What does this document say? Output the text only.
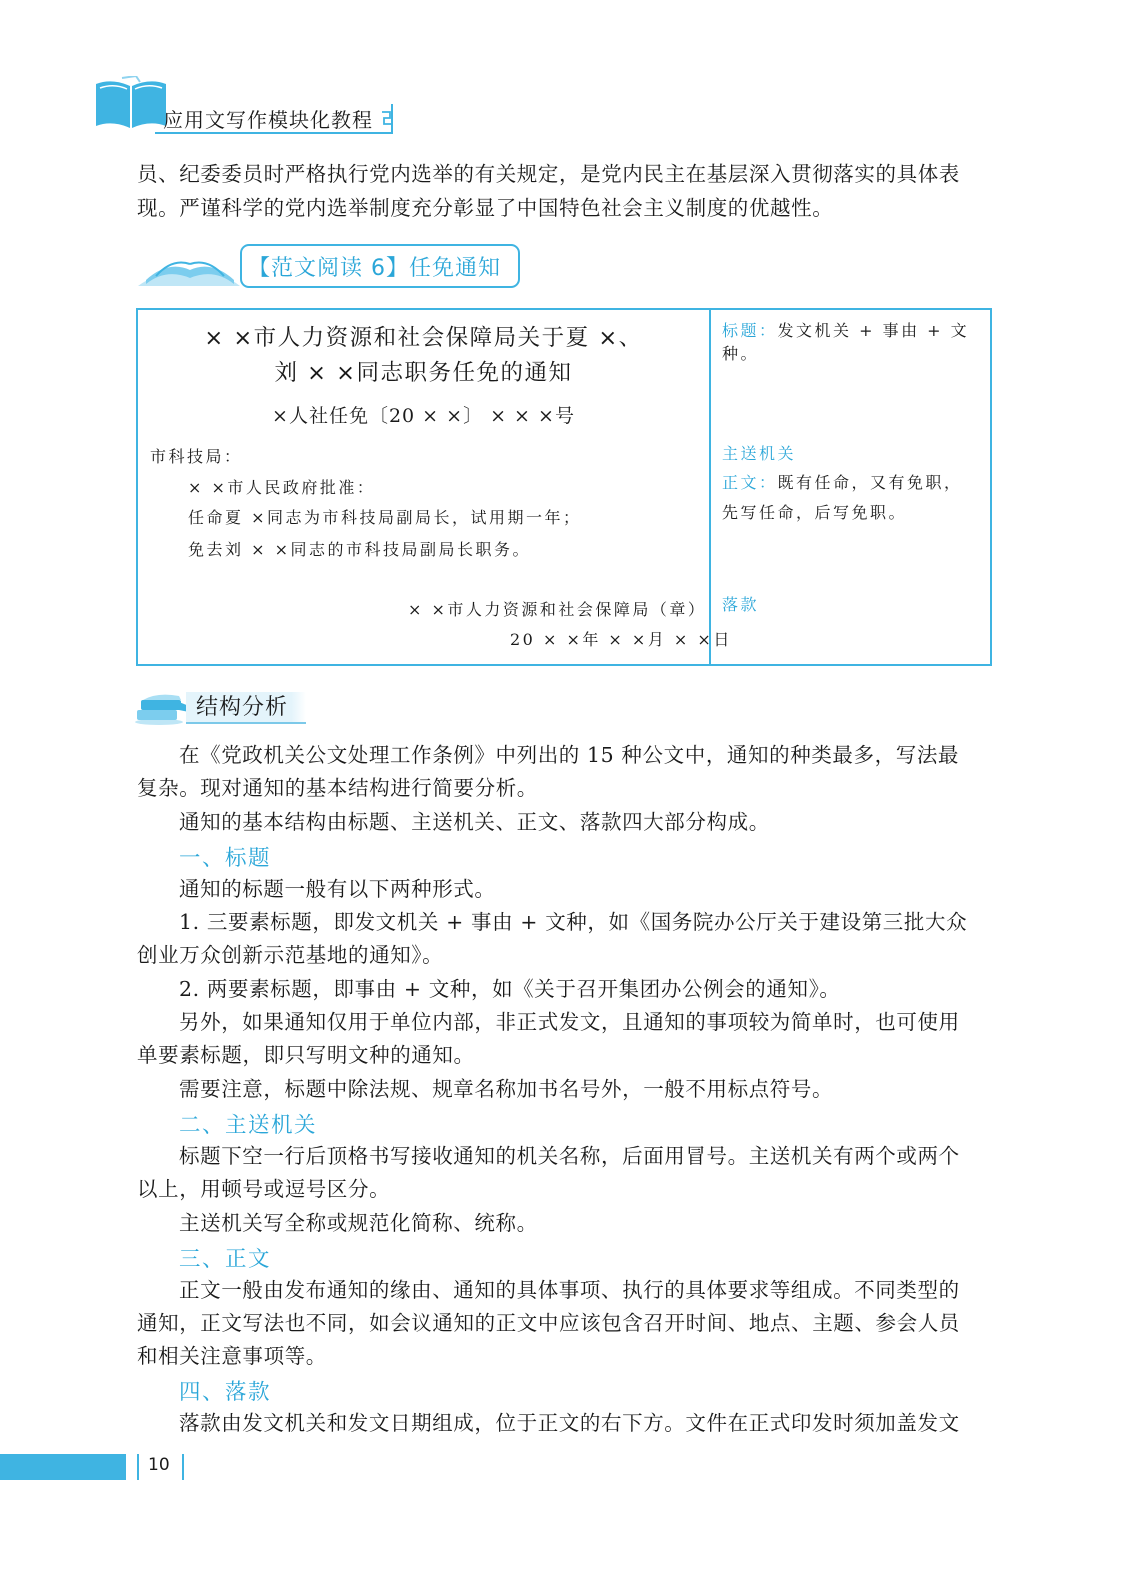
应用文写作模块化教程
员、纪委委员时严格执行党内选举的有关规定，是党内民主在基层深入贯彻落实的具体表
现。严谨科学的党内选举制度充分彰显了中国特色社会主义制度的优越性。
【范文阅读 6】任免通知
× ×市人力资源和社会保障局关于夏 ×、
刘 × ×同志职务任免的通知
×人社任免〔20 × ×〕 × × ×号
市科技局：
× ×市人民政府批准：
任命夏 ×同志为市科技局副局长，试用期一年；
免去刘 × ×同志的市科技局副局长职务。
× ×市人力资源和社会保障局（章）
20 × ×年 × ×月 × ×日
标题：发文机关 + 事由 + 文种。
主送机关
正文：既有任命，又有免职，
先写任命，后写免职。
落款
结构分析
在《党政机关公文处理工作条例》中列出的 15 种公文中，通知的种类最多，写法最
复杂。现对通知的基本结构进行简要分析。
通知的基本结构由标题、主送机关、正文、落款四大部分构成。
一、标题
通知的标题一般有以下两种形式。
1. 三要素标题，即发文机关 + 事由 + 文种，如《国务院办公厅关于建设第三批大众
创业万众创新示范基地的通知》。
2. 两要素标题，即事由 + 文种，如《关于召开集团办公例会的通知》。
另外，如果通知仅用于单位内部，非正式发文，且通知的事项较为简单时，也可使用
单要素标题，即只写明文种的通知。
需要注意，标题中除法规、规章名称加书名号外，一般不用标点符号。
二、主送机关
标题下空一行后顶格书写接收通知的机关名称，后面用冒号。主送机关有两个或两个
以上，用顿号或逗号区分。
主送机关写全称或规范化简称、统称。
三、正文
正文一般由发布通知的缘由、通知的具体事项、执行的具体要求等组成。不同类型的
通知，正文写法也不同，如会议通知的正文中应该包含召开时间、地点、主题、参会人员
和相关注意事项等。
四、落款
落款由发文机关和发文日期组成，位于正文的右下方。文件在正式印发时须加盖发文
10
